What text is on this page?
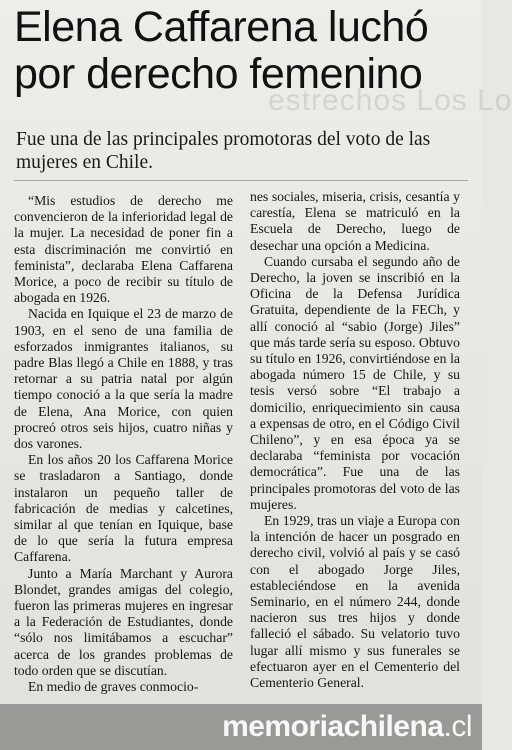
estrechos Los Lo
Elena Caffarena luchó por derecho femenino

Fue una de las principales promotoras del voto de las mujeres en Chile.

“Mis estudios de derecho me convencieron de la inferioridad legal de la mujer. La necesidad de poner fin a esta discriminación me convirtió en feminista”, declaraba Elena Caffarena Morice, a poco de recibir su título de abogada en 1926.

Nacida en Iquique el 23 de marzo de 1903, en el seno de una familia de esforzados inmigrantes italianos, su padre Blas llegó a Chile en 1888, y tras retornar a su patria natal por algún tiempo conoció a la que sería la madre de Elena, Ana Morice, con quien procreó otros seis hijos, cuatro niñas y dos varones.

En los años 20 los Caffarena Morice se trasladaron a Santiago, donde instalaron un pequeño taller de fabricación de medias y calcetines, similar al que tenían en Iquique, base de lo que sería la futura empresa Caffarena.

Junto a María Marchant y Aurora Blondet, grandes amigas del colegio, fueron las primeras mujeres en ingresar a la Federación de Estudiantes, donde “sólo nos limitábamos a escuchar” acerca de los grandes problemas de todo orden que se discutían.

En medio de graves conmocio-

nes sociales, miseria, crisis, cesantía y carestía, Elena se matriculó en la Escuela de Derecho, luego de desechar una opción a Medicina.

Cuando cursaba el segundo año de Derecho, la joven se inscribió en la Oficina de la Defensa Jurídica Gratuita, dependiente de la FECh, y allí conoció al “sabio (Jorge) Jiles” que más tarde sería su esposo. Obtuvo su título en 1926, convirtiéndose en la abogada número 15 de Chile, y su tesis versó sobre “El trabajo a domicilio, enriquecimiento sin causa a expensas de otro, en el Código Civil Chileno”, y en esa época ya se declaraba “feminista por vocación democrática”. Fue una de las principales promotoras del voto de las mujeres.

En 1929, tras un viaje a Europa con la intención de hacer un posgrado en derecho civil, volvió al país y se casó con el abogado Jorge Jiles, estableciéndose en la avenida Seminario, en el número 244, donde nacieron sus tres hijos y donde falleció el sábado. Su velatorio tuvo lugar allí mismo y sus funerales se efectuaron ayer en el Cementerio del Cementerio General.

memoriachilena.cl
